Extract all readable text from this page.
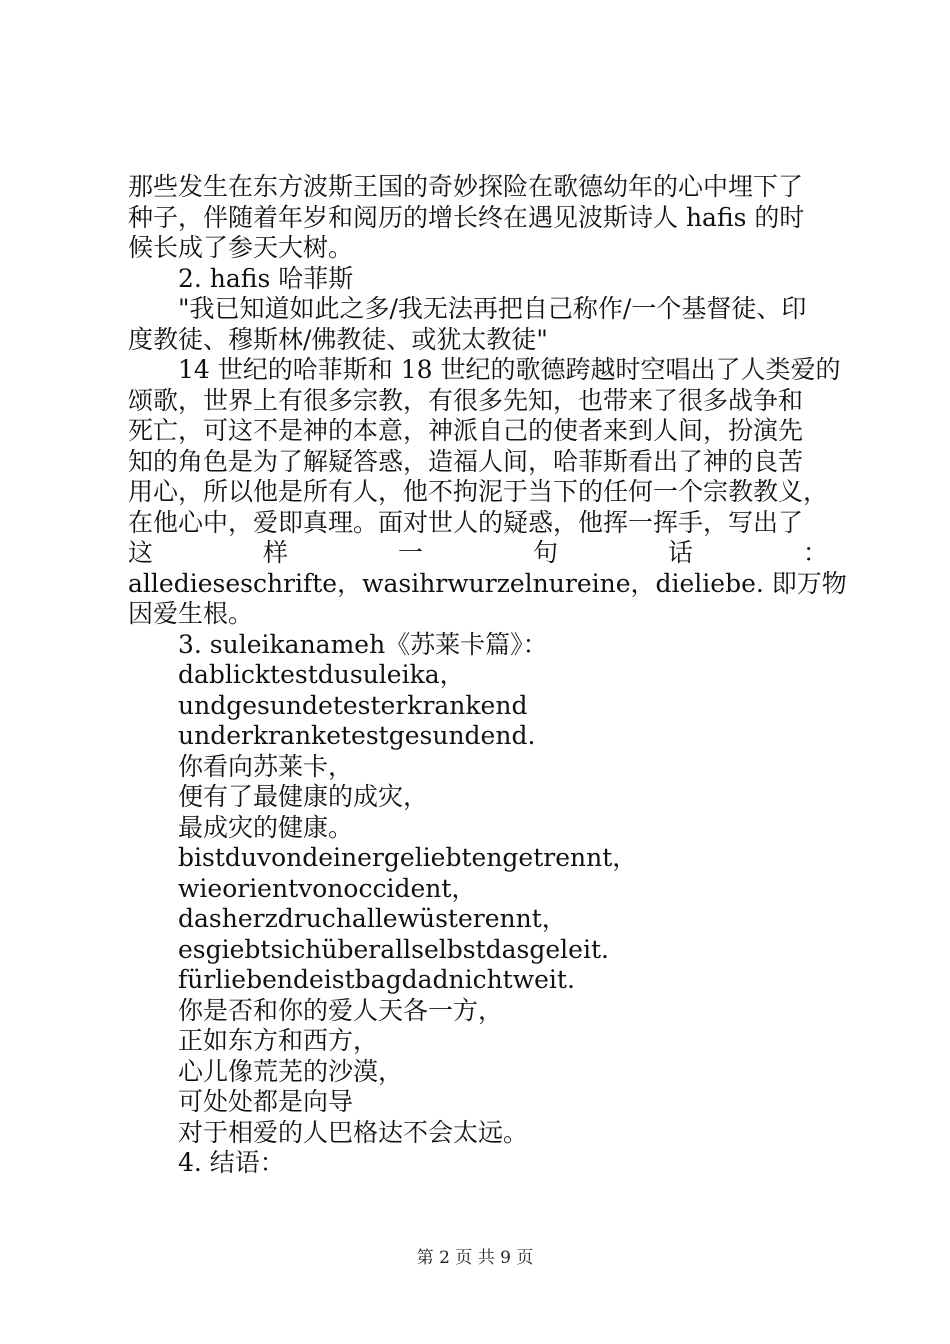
那些发生在东方波斯王国的奇妙探险在歌德幼年的心中埋下了

种子，伴随着年岁和阅历的增长终在遇见波斯诗人 hafis 的时

候长成了参天大树。

2. hafis 哈菲斯

"我已知道如此之多/我无法再把自己称作/一个基督徒、印

度教徒、穆斯林/佛教徒、或犹太教徒"

14 世纪的哈菲斯和 18 世纪的歌德跨越时空唱出了人类爱的

颂歌，世界上有很多宗教，有很多先知，也带来了很多战争和

死亡，可这不是神的本意，神派自己的使者来到人间，扮演先

知的角色是为了解疑答惑，造福人间，哈菲斯看出了神的良苦

用心，所以他是所有人，他不拘泥于当下的任何一个宗教教义，

在他心中，爱即真理。面对世人的疑惑，他挥一挥手，写出了

这	样	一	句	话	：

alledieseschrifte，wasihrwurzelnureine，dieliebe. 即万物

因爱生根。

3. suleikanameh《苏莱卡篇》：

dablicktestdusuleika，

undgesundetesterkrankend

underkranketestgesundend.

你看向苏莱卡，

便有了最健康的成灾，

最成灾的健康。

bistduvondeinergeliebtengetrennt，

wieorientvonoccident，

dasherzdruchallewüsterennt，

esgiebtsichüberallselbstdasgeleit.

fürliebendeistbagdadnichtweit.

你是否和你的爱人天各一方，

正如东方和西方，

心儿像荒芜的沙漠，

可处处都是向导

对于相爱的人巴格达不会太远。

4. 结语：

第 2 页 共 9 页
